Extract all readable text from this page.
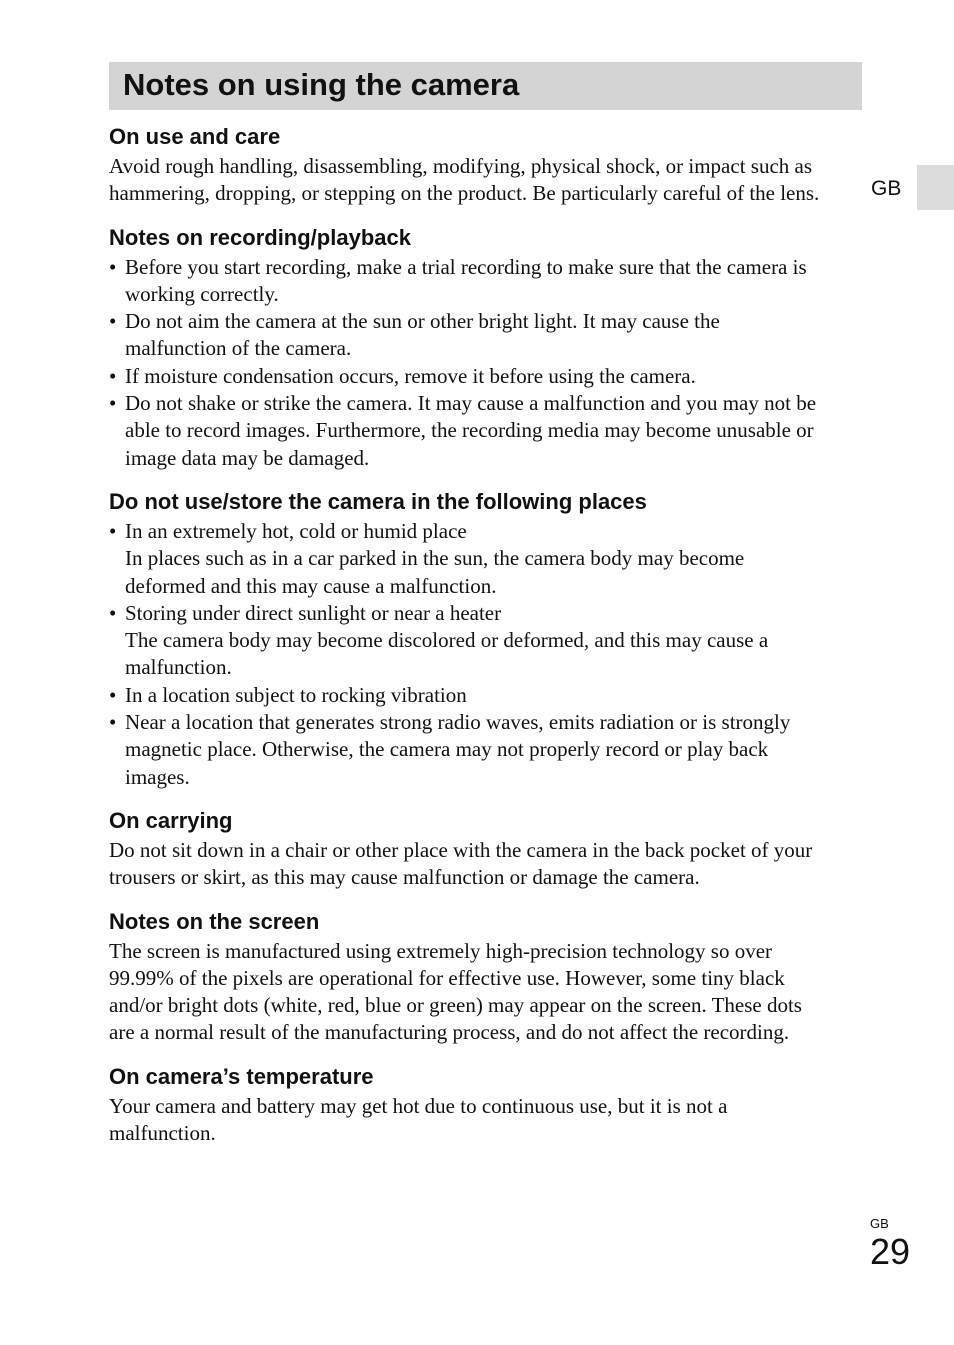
Notes on using the camera
GB
On use and care

Avoid rough handling, disassembling, modifying, physical shock, or impact such as
hammering, dropping, or stepping on the product. Be particularly careful of the lens.

Notes on recording/playback
• Before you start recording, make a trial recording to make sure that the camera is
working correctly.
• Do not aim the camera at the sun or other bright light. It may cause the
malfunction of the camera.
• If moisture condensation occurs, remove it before using the camera.
• Do not shake or strike the camera. It may cause a malfunction and you may not be
able to record images. Furthermore, the recording media may become unusable or
image data may be damaged.
Do not use/store the camera in the following places
• In an extremely hot, cold or humid place
In places such as in a car parked in the sun, the camera body may become
deformed and this may cause a malfunction.
• Storing under direct sunlight or near a heater
The camera body may become discolored or deformed, and this may cause a
malfunction.
• In a location subject to rocking vibration
• Near a location that generates strong radio waves, emits radiation or is strongly
magnetic place. Otherwise, the camera may not properly record or play back
images.
On carrying

Do not sit down in a chair or other place with the camera in the back pocket of your
trousers or skirt, as this may cause malfunction or damage the camera.

Notes on the screen

The screen is manufactured using extremely high-precision technology so over
99.99% of the pixels are operational for effective use. However, some tiny black
and/or bright dots (white, red, blue or green) may appear on the screen. These dots
are a normal result of the manufacturing process, and do not affect the recording.

On camera’s temperature

Your camera and battery may get hot due to continuous use, but it is not a
malfunction.

GB
29
